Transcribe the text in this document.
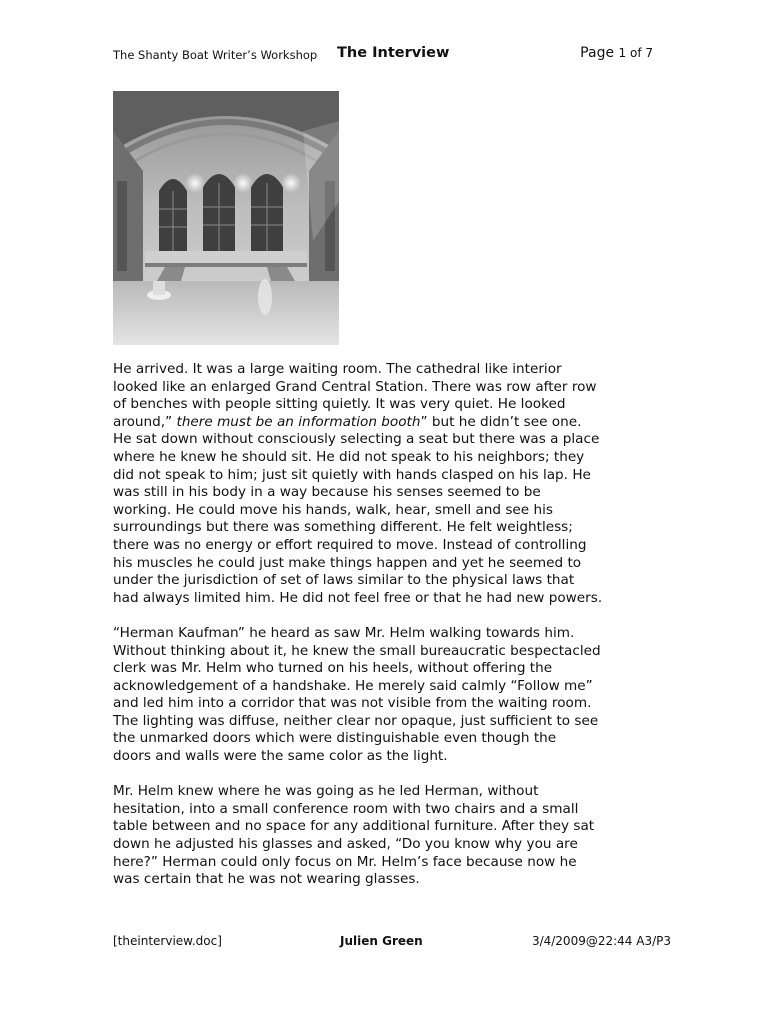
The Shanty Boat Writer’s Workshop The Interview	Page 1 of 7

He arrived. It was a large waiting room. The cathedral like interior
looked like an enlarged Grand Central Station. There was row after row
of benches with people sitting quietly. It was very quiet. He looked
around,” there must be an information booth” but he didn’t see one.
He sat down without consciously selecting a seat but there was a place
where he knew he should sit. He did not speak to his neighbors; they
did not speak to him; just sit quietly with hands clasped on his lap. He
was still in his body in a way because his senses seemed to be
working. He could move his hands, walk, hear, smell and see his
surroundings but there was something different. He felt weightless;
there was no energy or effort required to move. Instead of controlling
his muscles he could just make things happen and yet he seemed to
under the jurisdiction of set of laws similar to the physical laws that
had always limited him. He did not feel free or that he had new powers.

“Herman Kaufman” he heard as saw Mr. Helm walking towards him.
Without thinking about it, he knew the small bureaucratic bespectacled
clerk was Mr. Helm who turned on his heels, without offering the
acknowledgement of a handshake. He merely said calmly “Follow me”
and led him into a corridor that was not visible from the waiting room.
The lighting was diffuse, neither clear nor opaque, just sufficient to see
the unmarked doors which were distinguishable even though the
doors and walls were the same color as the light.

Mr. Helm knew where he was going as he led Herman, without
hesitation, into a small conference room with two chairs and a small
table between and no space for any additional furniture. After they sat
down he adjusted his glasses and asked, “Do you know why you are
here?” Herman could only focus on Mr. Helm’s face because now he
was certain that he was not wearing glasses.

[theinterview.doc]	Julien Green	3/4/2009@22:44 A3/P3
